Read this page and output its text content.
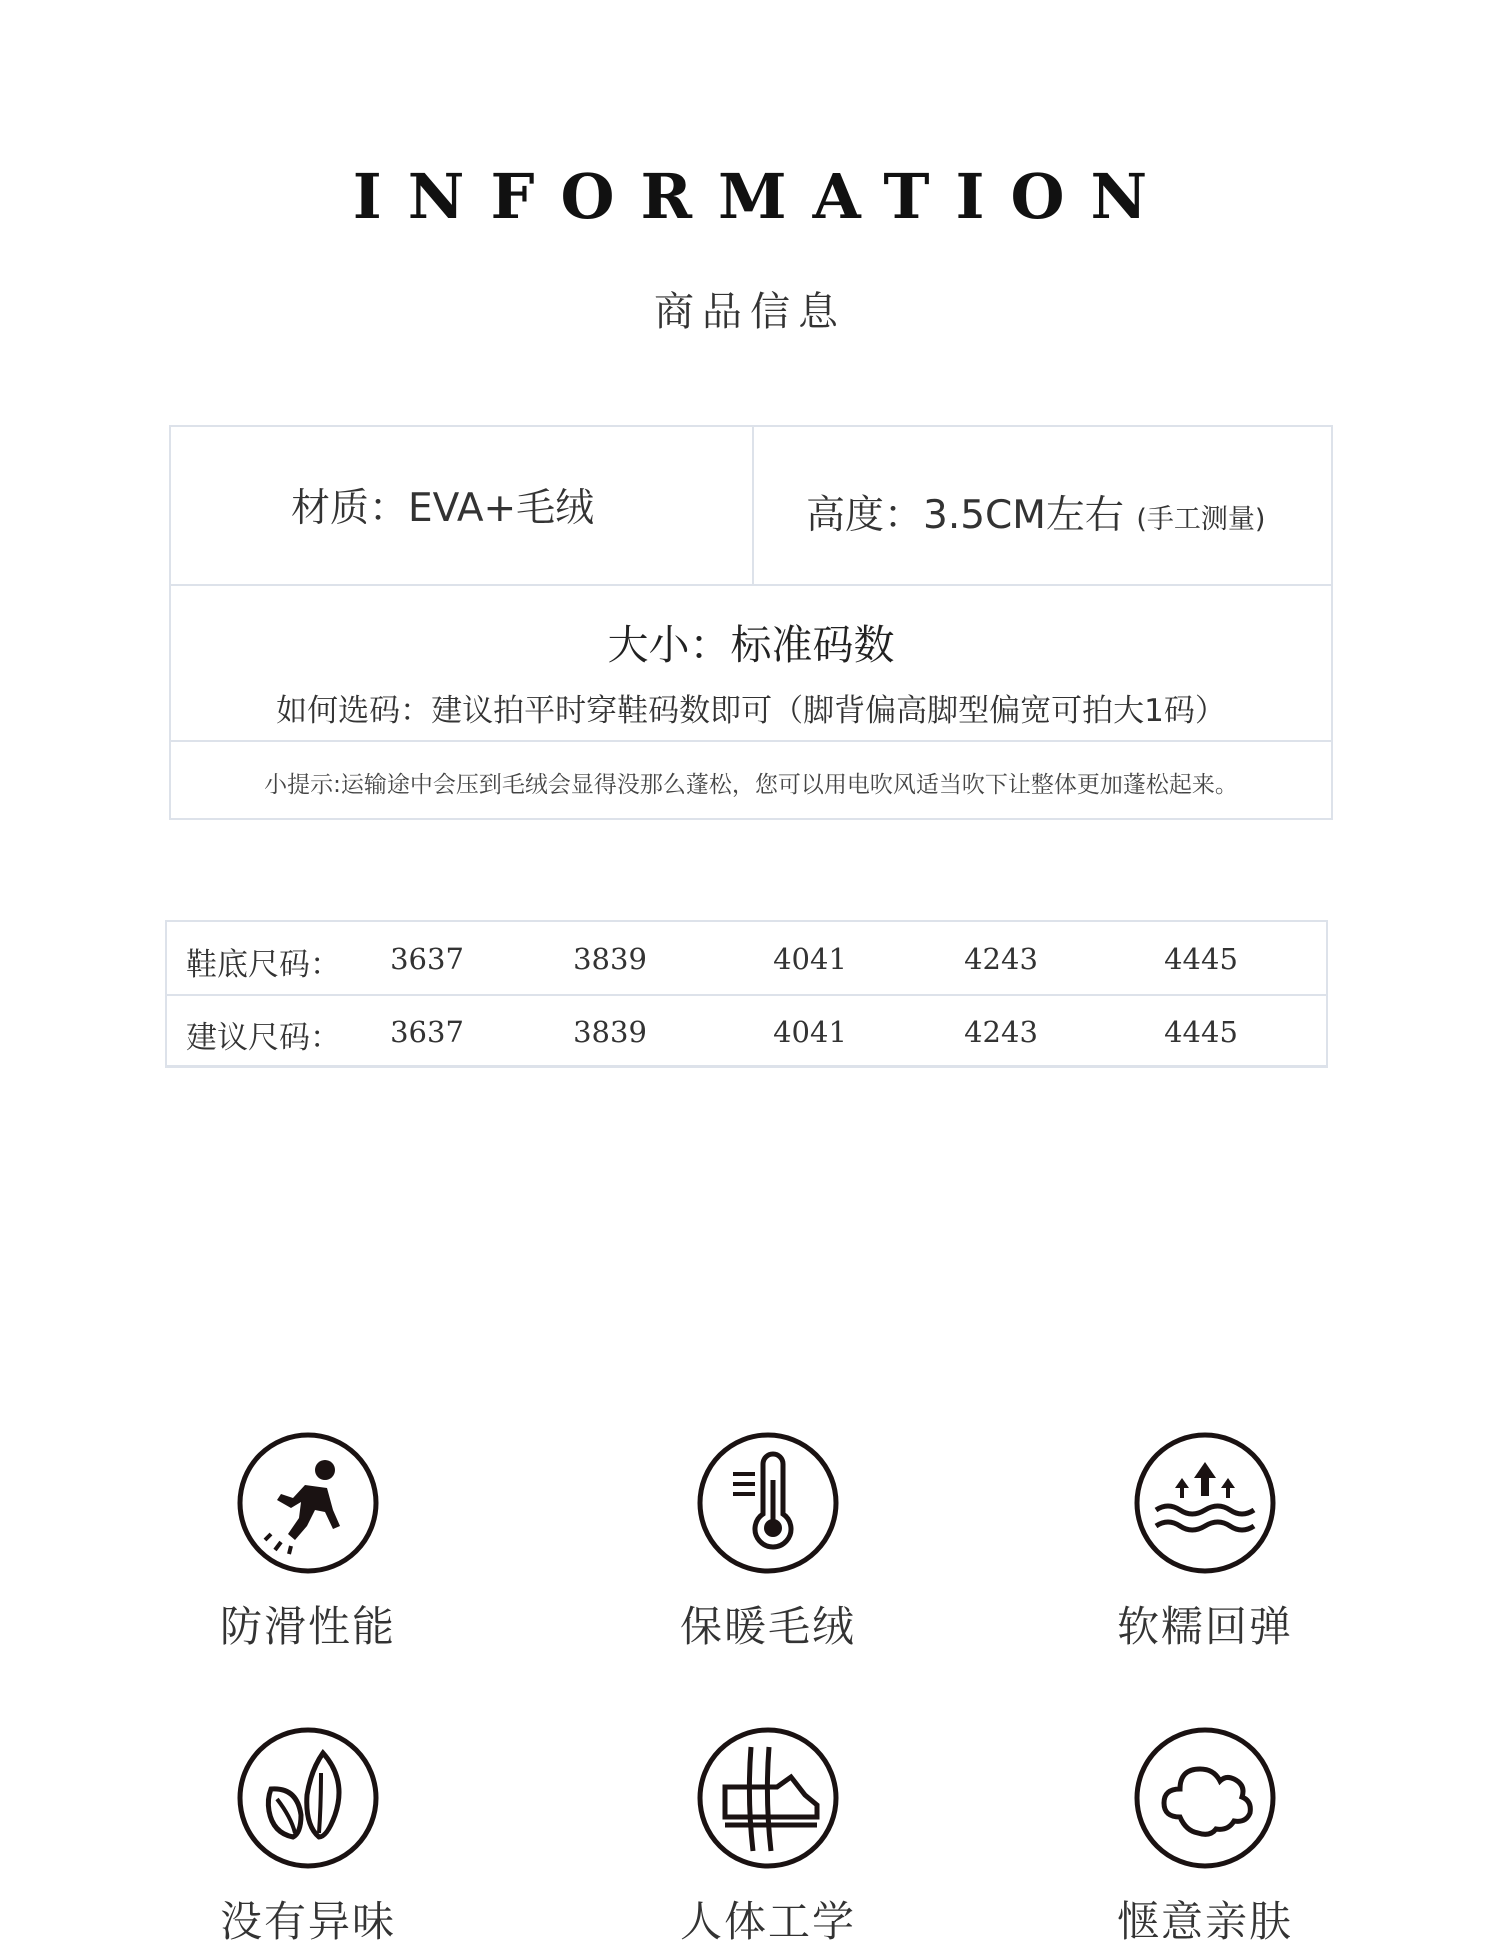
INFORMATION
商品信息
材质：EVA+毛绒	高度：3.5CM左右 (手工测量)
大小：标准码数
如何选码：建议拍平时穿鞋码数即可（脚背偏高脚型偏宽可拍大1码）
小提示:运输途中会压到毛绒会显得没那么蓬松，您可以用电吹风适当吹下让整体更加蓬松起来。
鞋底尺码：	3637	3839	4041	4243	4445
建议尺码：	3637	3839	4041	4243	4445
防滑性能	保暖毛绒	软糯回弹
没有异味	人体工学	惬意亲肤
